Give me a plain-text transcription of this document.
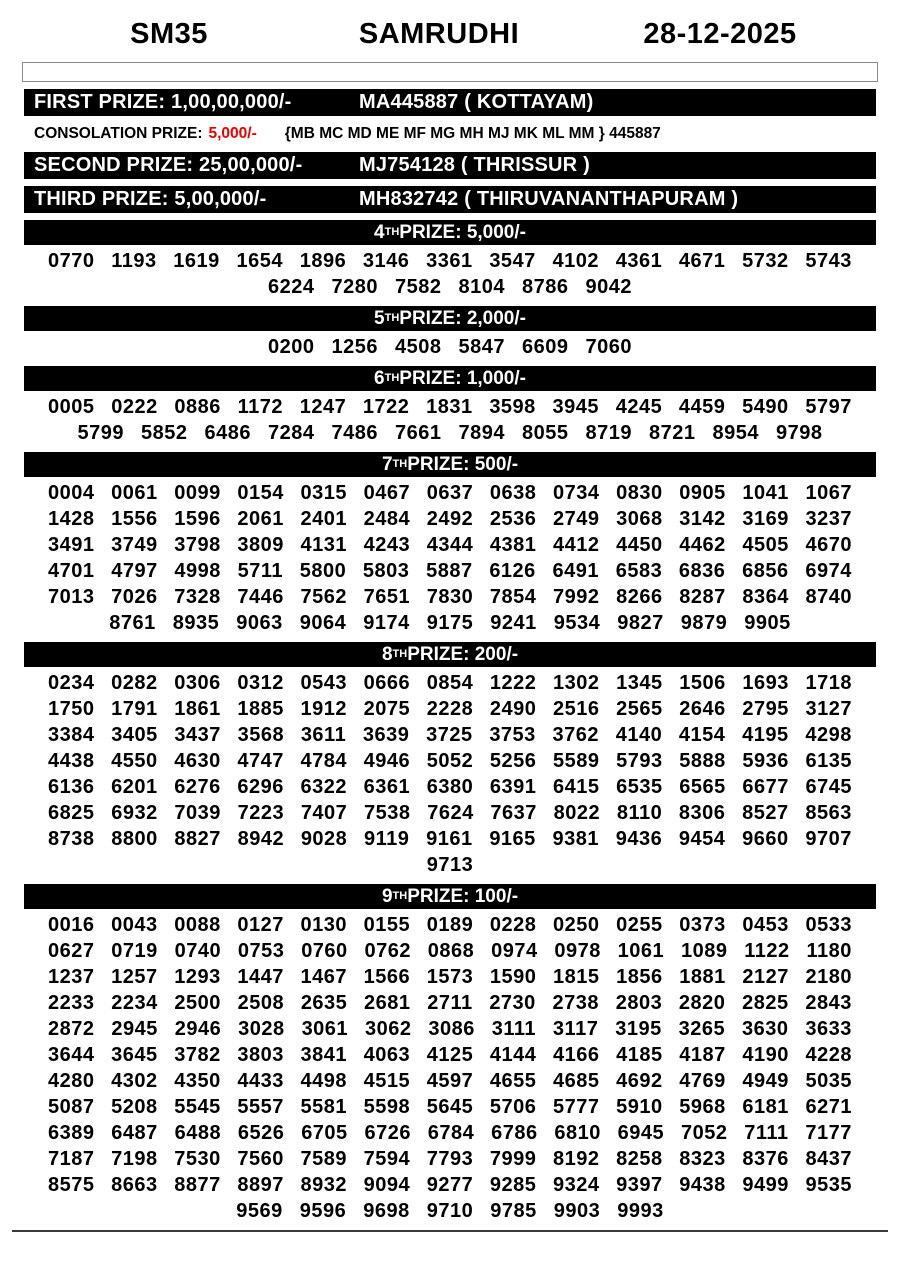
SM35	SAMRUDHI	28-12-2025
FIRST PRIZE: 1,00,00,000/-	MA445887 ( KOTTAYAM)
CONSOLATION PRIZE: 5,000/- {MB MC MD ME MF MG MH MJ MK ML MM } 445887
SECOND PRIZE: 25,00,000/-	MJ754128 ( THRISSUR )
THIRD PRIZE: 5,00,000/-	MH832742 ( THIRUVANANTHAPURAM )
4 TH PRIZE: 5,000/-
0770 1193 1619 1654 1896 3146 3361 3547 4102 4361 4671 5732 5743
6224 7280 7582 8104 8786 9042
5 TH PRIZE: 2,000/-
0200 1256 4508 5847 6609 7060
6 TH PRIZE: 1,000/-
0005 0222 0886 1172 1247 1722 1831 3598 3945 4245 4459 5490 5797
5799 5852 6486 7284 7486 7661 7894 8055 8719 8721 8954 9798
7 TH PRIZE: 500/-
0004 0061 0099 0154 0315 0467 0637 0638 0734 0830 0905 1041 1067
1428 1556 1596 2061 2401 2484 2492 2536 2749 3068 3142 3169 3237
3491 3749 3798 3809 4131 4243 4344 4381 4412 4450 4462 4505 4670
4701 4797 4998 5711 5800 5803 5887 6126 6491 6583 6836 6856 6974
7013 7026 7328 7446 7562 7651 7830 7854 7992 8266 8287 8364 8740
8761 8935 9063 9064 9174 9175 9241 9534 9827 9879 9905
8 TH PRIZE: 200/-
0234 0282 0306 0312 0543 0666 0854 1222 1302 1345 1506 1693 1718
1750 1791 1861 1885 1912 2075 2228 2490 2516 2565 2646 2795 3127
3384 3405 3437 3568 3611 3639 3725 3753 3762 4140 4154 4195 4298
4438 4550 4630 4747 4784 4946 5052 5256 5589 5793 5888 5936 6135
6136 6201 6276 6296 6322 6361 6380 6391 6415 6535 6565 6677 6745
6825 6932 7039 7223 7407 7538 7624 7637 8022 8110 8306 8527 8563
8738 8800 8827 8942 9028 9119 9161 9165 9381 9436 9454 9660 9707
9713
9 TH PRIZE: 100/-
0016 0043 0088 0127 0130 0155 0189 0228 0250 0255 0373 0453 0533
0627 0719 0740 0753 0760 0762 0868 0974 0978 1061 1089 1122 1180
1237 1257 1293 1447 1467 1566 1573 1590 1815 1856 1881 2127 2180
2233 2234 2500 2508 2635 2681 2711 2730 2738 2803 2820 2825 2843
2872 2945 2946 3028 3061 3062 3086 3111 3117 3195 3265 3630 3633
3644 3645 3782 3803 3841 4063 4125 4144 4166 4185 4187 4190 4228
4280 4302 4350 4433 4498 4515 4597 4655 4685 4692 4769 4949 5035
5087 5208 5545 5557 5581 5598 5645 5706 5777 5910 5968 6181 6271
6389 6487 6488 6526 6705 6726 6784 6786 6810 6945 7052 7111 7177
7187 7198 7530 7560 7589 7594 7793 7999 8192 8258 8323 8376 8437
8575 8663 8877 8897 8932 9094 9277 9285 9324 9397 9438 9499 9535
9569 9596 9698 9710 9785 9903 9993
